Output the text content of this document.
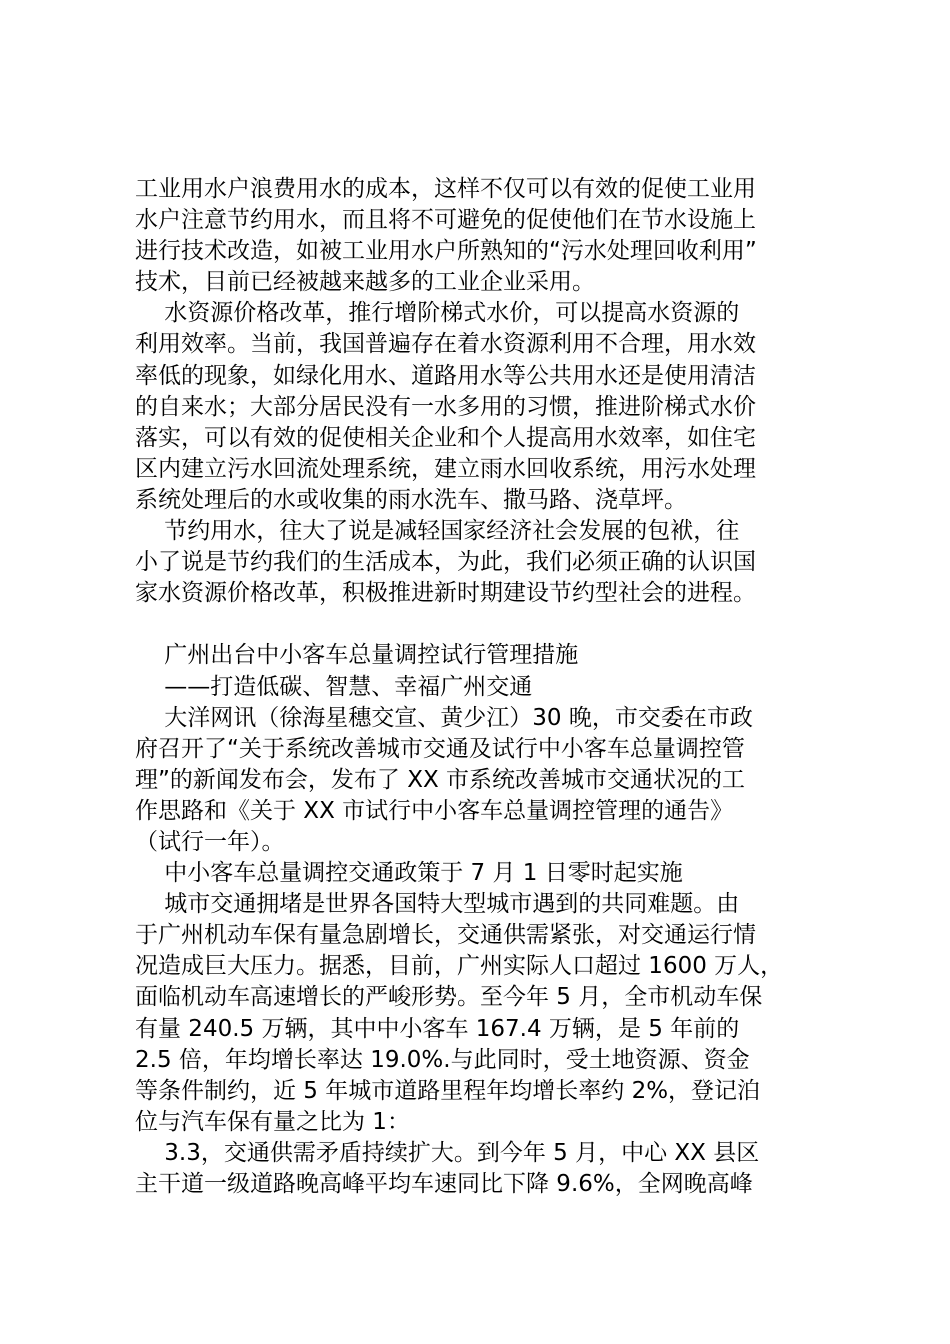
工业用水户浪费用水的成本，这样不仅可以有效的促使工业用
水户注意节约用水，而且将不可避免的促使他们在节水设施上
进行技术改造，如被工业用水户所熟知的“污水处理回收利用”
技术，目前已经被越来越多的工业企业采用。
水资源价格改革，推行增阶梯式水价，可以提高水资源的
利用效率。当前，我国普遍存在着水资源利用不合理，用水效
率低的现象，如绿化用水、道路用水等公共用水还是使用清洁
的自来水；大部分居民没有一水多用的习惯，推进阶梯式水价
落实，可以有效的促使相关企业和个人提高用水效率，如住宅
区内建立污水回流处理系统，建立雨水回收系统，用污水处理
系统处理后的水或收集的雨水洗车、撒马路、浇草坪。
节约用水，往大了说是减轻国家经济社会发展的包袱，往
小了说是节约我们的生活成本，为此，我们必须正确的认识国
家水资源价格改革，积极推进新时期建设节约型社会的进程。
广州出台中小客车总量调控试行管理措施
——打造低碳、智慧、幸福广州交通
大洋网讯（徐海星穗交宣、黄少江）30 晚，市交委在市政
府召开了“关于系统改善城市交通及试行中小客车总量调控管
理”的新闻发布会，发布了 XX 市系统改善城市交通状况的工
作思路和《关于 XX 市试行中小客车总量调控管理的通告》
（试行一年）。
中小客车总量调控交通政策于 7 月 1 日零时起实施
城市交通拥堵是世界各国特大型城市遇到的共同难题。由
于广州机动车保有量急剧增长，交通供需紧张，对交通运行情
况造成巨大压力。据悉，目前，广州实际人口超过 1600 万人，
面临机动车高速增长的严峻形势。至今年 5 月，全市机动车保
有量 240.5 万辆，其中中小客车 167.4 万辆，是 5 年前的
2.5 倍，年均增长率达 19.0%.与此同时，受土地资源、资金
等条件制约，近 5 年城市道路里程年均增长率约 2%，登记泊
位与汽车保有量之比为 1：
3.3，交通供需矛盾持续扩大。到今年 5 月，中心 XX 县区
主干道一级道路晚高峰平均车速同比下降 9.6%，全网晚高峰
